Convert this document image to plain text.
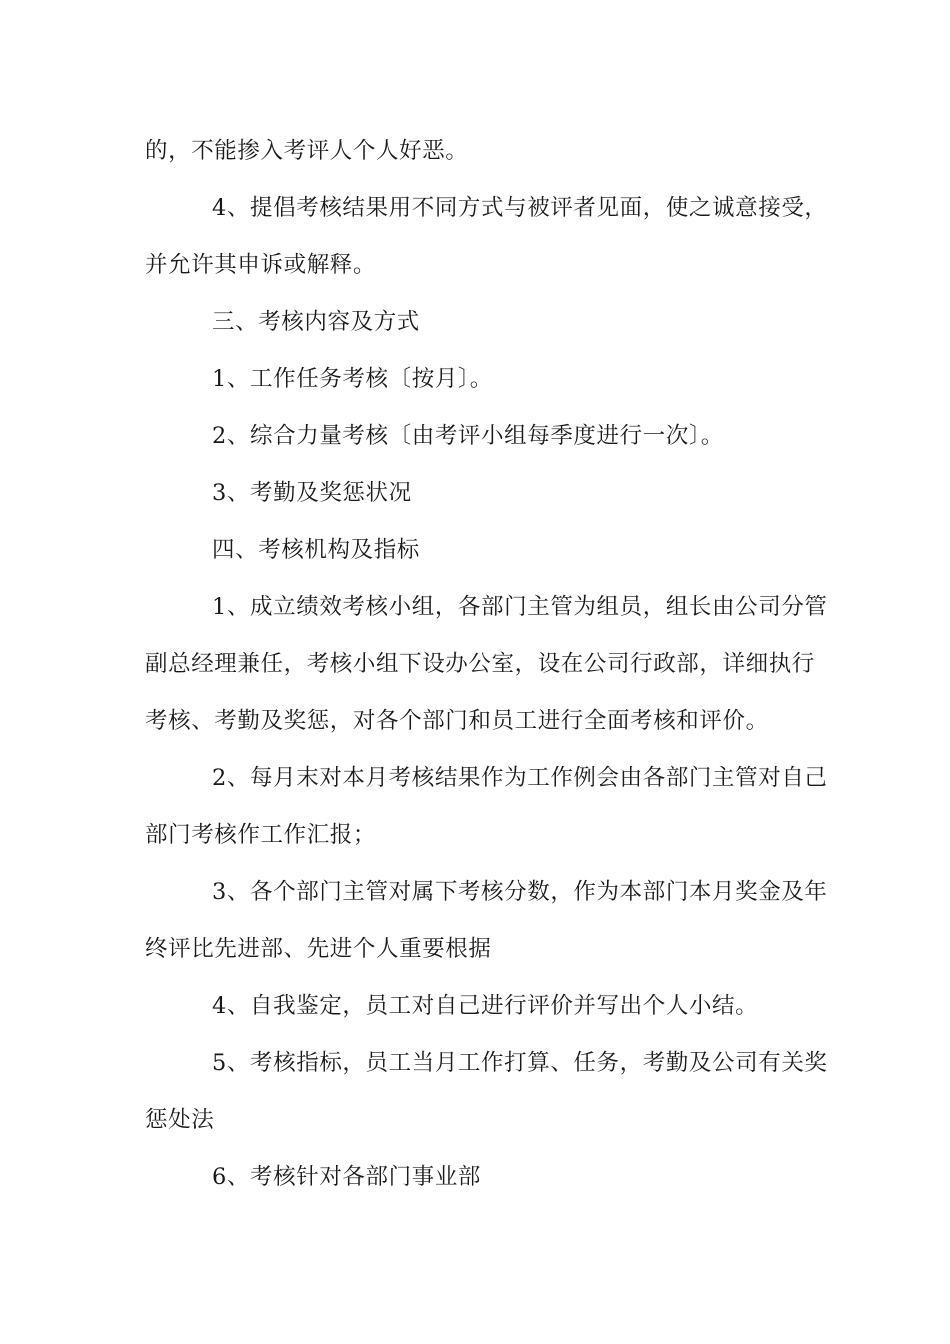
的，不能掺入考评人个人好恶。

4、提倡考核结果用不同方式与被评者见面，使之诚意接受，

并允许其申诉或解释。

三、考核内容及方式

1、工作任务考核〔按月〕。

2、综合力量考核〔由考评小组每季度进行一次〕。

3、考勤及奖惩状况

四、考核机构及指标

1、成立绩效考核小组，各部门主管为组员，组长由公司分管

副总经理兼任，考核小组下设办公室，设在公司行政部，详细执行

考核、考勤及奖惩，对各个部门和员工进行全面考核和评价。

2、每月末对本月考核结果作为工作例会由各部门主管对自己

部门考核作工作汇报；

3、各个部门主管对属下考核分数，作为本部门本月奖金及年

终评比先进部、先进个人重要根据

4、自我鉴定，员工对自己进行评价并写出个人小结。

5、考核指标，员工当月工作打算、任务，考勤及公司有关奖

惩处法

6、考核针对各部门事业部
